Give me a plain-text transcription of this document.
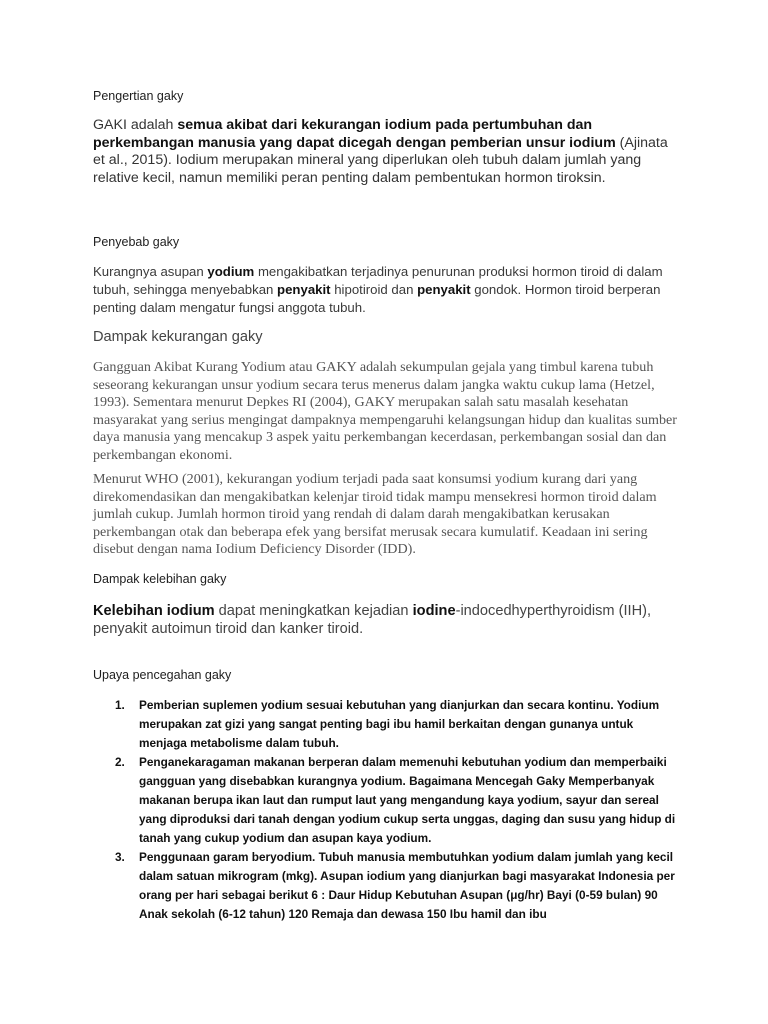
Pengertian gaky

GAKI adalah semua akibat dari kekurangan iodium pada pertumbuhan dan perkembangan manusia yang dapat dicegah dengan pemberian unsur iodium (Ajinata et al., 2015). Iodium merupakan mineral yang diperlukan oleh tubuh dalam jumlah yang relative kecil, namun memiliki peran penting dalam pembentukan hormon tiroksin.

Penyebab gaky

Kurangnya asupan yodium mengakibatkan terjadinya penurunan produksi hormon tiroid di dalam tubuh, sehingga menyebabkan penyakit hipotiroid dan penyakit gondok. Hormon tiroid berperan penting dalam mengatur fungsi anggota tubuh.

Dampak kekurangan gaky

Gangguan Akibat Kurang Yodium atau GAKY adalah sekumpulan gejala yang timbul karena tubuh seseorang kekurangan unsur yodium secara terus menerus dalam jangka waktu cukup lama (Hetzel, 1993). Sementara menurut Depkes RI (2004), GAKY merupakan salah satu masalah kesehatan masyarakat yang serius mengingat dampaknya mempengaruhi kelangsungan hidup dan kualitas sumber daya manusia yang mencakup 3 aspek yaitu perkembangan kecerdasan, perkembangan sosial dan dan perkembangan ekonomi.

Menurut WHO (2001), kekurangan yodium terjadi pada saat konsumsi yodium kurang dari yang direkomendasikan dan mengakibatkan kelenjar tiroid tidak mampu mensekresi hormon tiroid dalam jumlah cukup. Jumlah hormon tiroid yang rendah di dalam darah mengakibatkan kerusakan perkembangan otak dan beberapa efek yang bersifat merusak secara kumulatif. Keadaan ini sering disebut dengan nama Iodium Deficiency Disorder (IDD).

Dampak kelebihan gaky

Kelebihan iodium dapat meningkatkan kejadian iodine-indocedhyperthyroidism (IIH), penyakit autoimun tiroid dan kanker tiroid.

Upaya pencegahan gaky

1. Pemberian suplemen yodium sesuai kebutuhan yang dianjurkan dan secara kontinu. Yodium merupakan zat gizi yang sangat penting bagi ibu hamil berkaitan dengan gunanya untuk menjaga metabolisme dalam tubuh.
2. Penganekaragaman makanan berperan dalam memenuhi kebutuhan yodium dan memperbaiki gangguan yang disebabkan kurangnya yodium. Bagaimana Mencegah Gaky Memperbanyak makanan berupa ikan laut dan rumput laut yang mengandung kaya yodium, sayur dan sereal yang diproduksi dari tanah dengan yodium cukup serta unggas, daging dan susu yang hidup di tanah yang cukup yodium dan asupan kaya yodium.
3. Penggunaan garam beryodium. Tubuh manusia membutuhkan yodium dalam jumlah yang kecil dalam satuan mikrogram (mkg). Asupan iodium yang dianjurkan bagi masyarakat Indonesia per orang per hari sebagai berikut 6 : Daur Hidup Kebutuhan Asupan (μg/hr) Bayi (0-59 bulan) 90 Anak sekolah (6-12 tahun) 120 Remaja dan dewasa 150 Ibu hamil dan ibu
